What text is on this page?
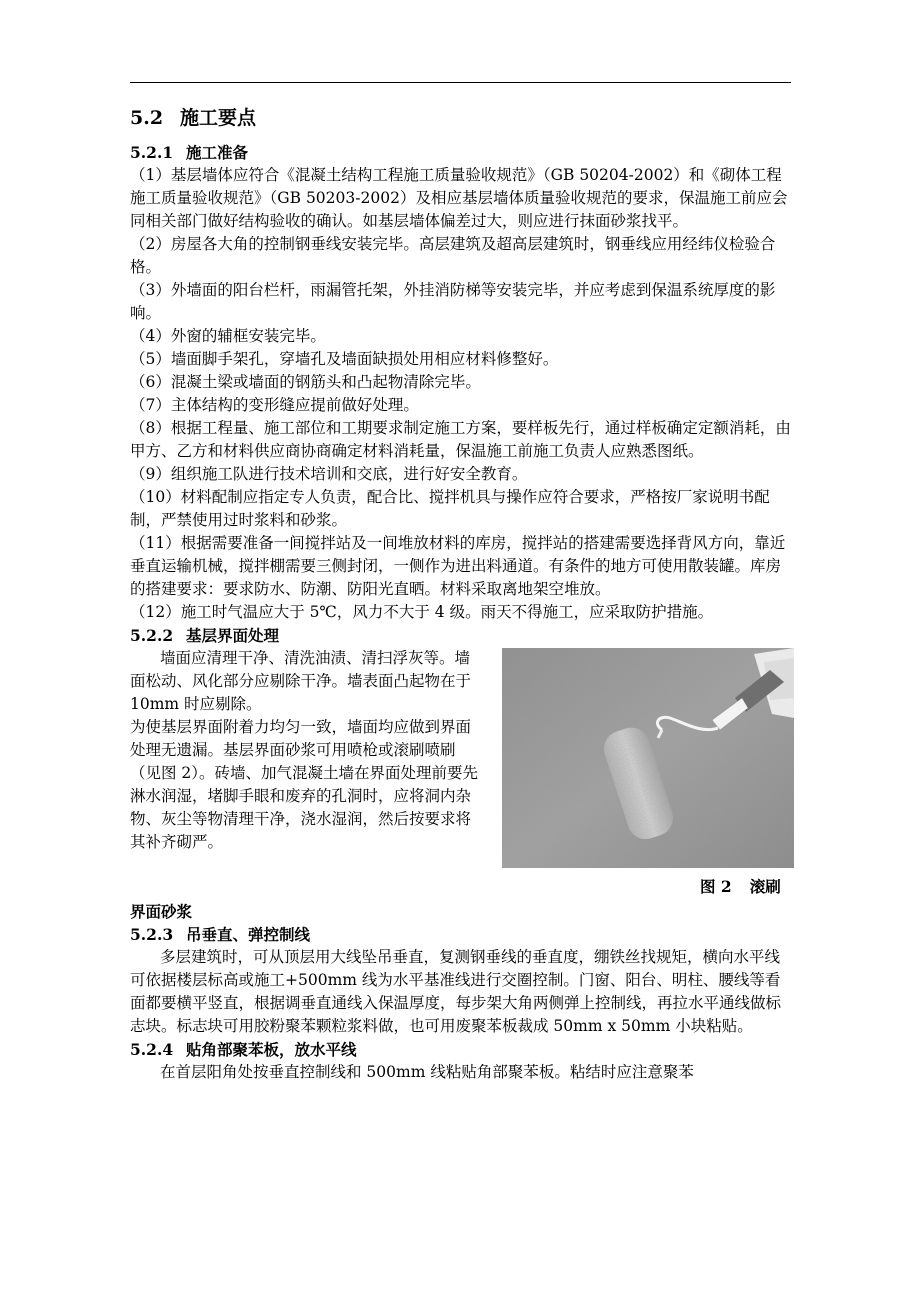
5.2 施工要点
5.2.1 施工准备
（1）基层墙体应符合《混凝土结构工程施工质量验收规范》（GB 50204-2002）和《砌体工程施工质量验收规范》（GB 50203-2002）及相应基层墙体质量验收规范的要求，保温施工前应会同相关部门做好结构验收的确认。如基层墙体偏差过大，则应进行抹面砂浆找平。
（2）房屋各大角的控制钢垂线安装完毕。高层建筑及超高层建筑时，钢垂线应用经纬仪检验合格。
（3）外墙面的阳台栏杆，雨漏管托架，外挂消防梯等安装完毕，并应考虑到保温系统厚度的影响。
（4）外窗的辅框安装完毕。
（5）墙面脚手架孔，穿墙孔及墙面缺损处用相应材料修整好。
（6）混凝土梁或墙面的钢筋头和凸起物清除完毕。
（7）主体结构的变形缝应提前做好处理。
（8）根据工程量、施工部位和工期要求制定施工方案，要样板先行，通过样板确定定额消耗，由甲方、乙方和材料供应商协商确定材料消耗量，保温施工前施工负责人应熟悉图纸。
（9）组织施工队进行技术培训和交底，进行好安全教育。
（10）材料配制应指定专人负责，配合比、搅拌机具与操作应符合要求，严格按厂家说明书配制，严禁使用过时浆料和砂浆。
（11）根据需要准备一间搅拌站及一间堆放材料的库房，搅拌站的搭建需要选择背风方向，靠近垂直运输机械，搅拌棚需要三侧封闭，一侧作为进出料通道。有条件的地方可使用散装罐。库房的搭建要求：要求防水、防潮、防阳光直晒。材料采取离地架空堆放。
（12）施工时气温应大于 5℃，风力不大于 4 级。雨天不得施工，应采取防护措施。
5.2.2 基层界面处理
墙面应清理干净、清洗油渍、清扫浮灰等。墙面松动、风化部分应剔除干净。墙表面凸起物在于 10mm 时应剔除。
为使基层界面附着力均匀一致，墙面均应做到界面处理无遗漏。基层界面砂浆可用喷枪或滚刷喷刷（见图 2）。砖墙、加气混凝土墙在界面处理前要先淋水润湿，堵脚手眼和废弃的孔洞时，应将洞内杂物、灰尘等物清理干净，浇水湿润，然后按要求将其补齐砌严。
图 2 滚刷
界面砂浆
5.2.3 吊垂直、弹控制线
多层建筑时，可从顶层用大线坠吊垂直，复测钢垂线的垂直度，绷铁丝找规矩，横向水平线可依据楼层标高或施工+500mm 线为水平基准线进行交圈控制。门窗、阳台、明柱、腰线等看面都要横平竖直，根据调垂直通线入保温厚度，每步架大角两侧弹上控制线，再拉水平通线做标志块。标志块可用胶粉聚苯颗粒浆料做，也可用废聚苯板裁成 50mm x 50mm 小块粘贴。
5.2.4 贴角部聚苯板，放水平线
在首层阳角处按垂直控制线和 500mm 线粘贴角部聚苯板。粘结时应注意聚苯
